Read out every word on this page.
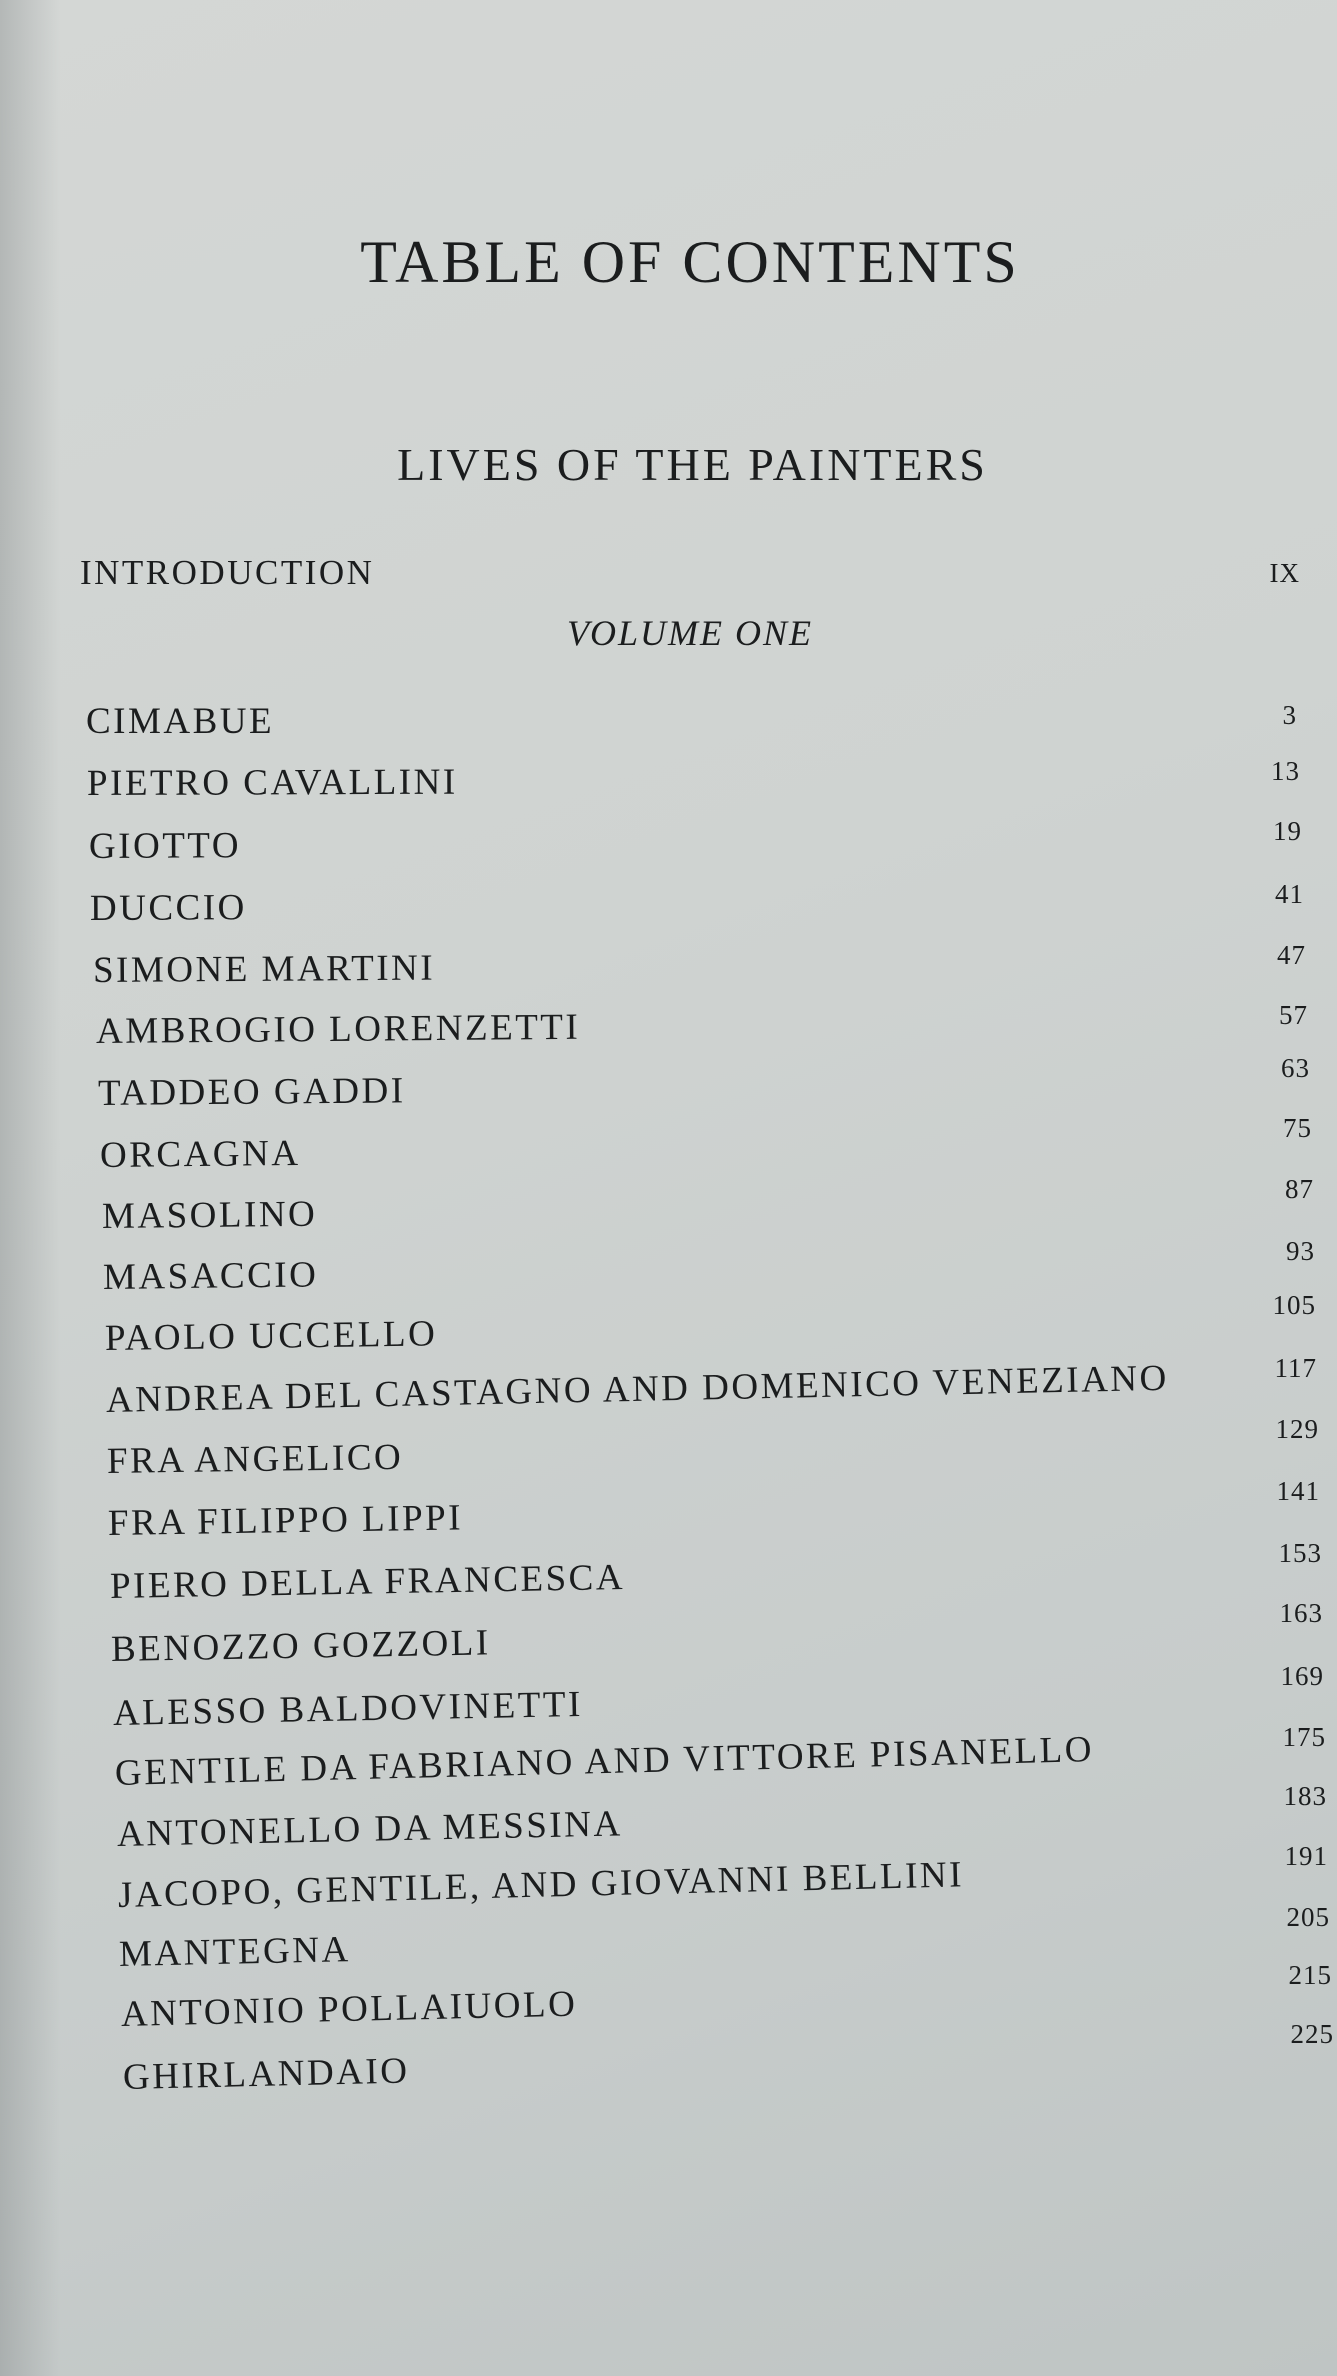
TABLE OF CONTENTS
LIVES OF THE PAINTERS
INTRODUCTION	IX
VOLUME ONE
CIMABUE
PIETRO CAVALLINI
GIOTTO
DUCCIO
SIMONE MARTINI
AMBROGIO LORENZETTI
TADDEO GADDI
ORCAGNA
MASOLINO
MASACCIO
PAOLO UCCELLO
ANDREA DEL CASTAGNO AND DOMENICO VENEZIANO
FRA ANGELICO
FRA FILIPPO LIPPI
PIERO DELLA FRANCESCA
BENOZZO GOZZOLI
ALESSO BALDOVINETTI
GENTILE DA FABRIANO AND VITTORE PISANELLO
ANTONELLO DA MESSINA
JACOPO, GENTILE, AND GIOVANNI BELLINI
MANTEGNA
ANTONIO POLLAIUOLO
GHIRLANDAIO
3
13
19
41
47
57
63
75
87
93
105
117
129
141
153
163
169
175
183
191
205
215
225
